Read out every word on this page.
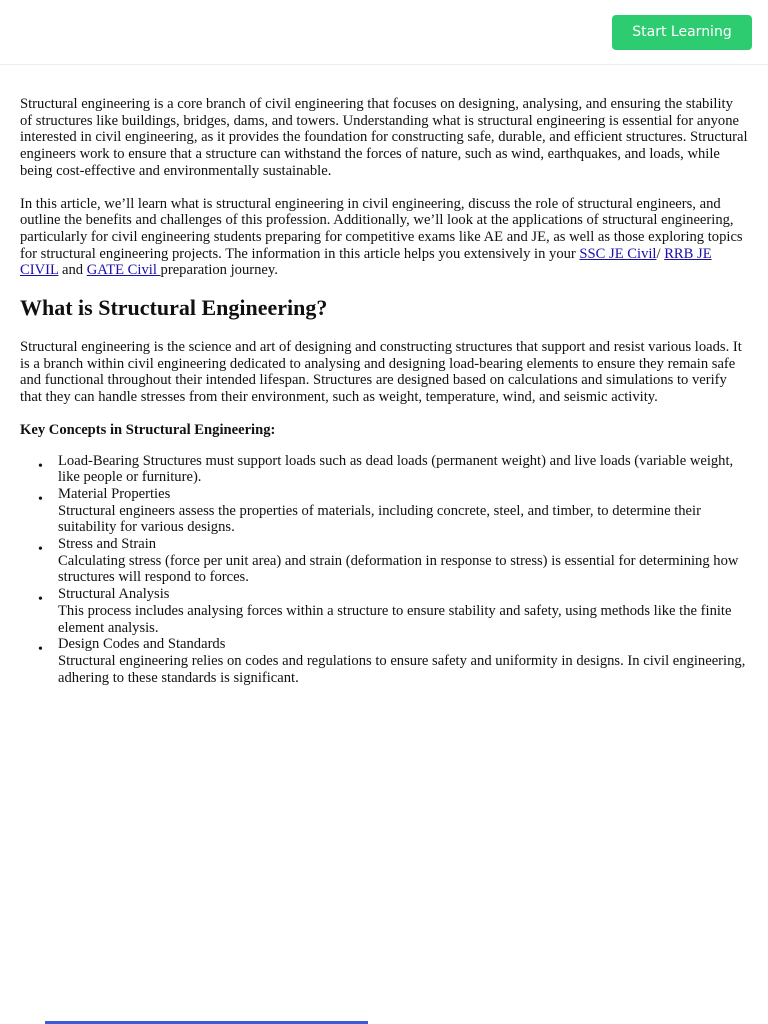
Start Learning

Structural engineering is a core branch of civil engineering that focuses on designing, analysing, and ensuring the stability of structures like buildings, bridges, dams, and towers. Understanding what is structural engineering is essential for anyone interested in civil engineering, as it provides the foundation for constructing safe, durable, and efficient structures. Structural engineers work to ensure that a structure can withstand the forces of nature, such as wind, earthquakes, and loads, while being cost-effective and environmentally sustainable.

In this article, we’ll learn what is structural engineering in civil engineering, discuss the role of structural engineers, and outline the benefits and challenges of this profession. Additionally, we’ll look at the applications of structural engineering, particularly for civil engineering students preparing for competitive exams like AE and JE, as well as those exploring topics for structural engineering projects. The information in this article helps you extensively in your SSC JE Civil/ RRB JE CIVIL and GATE Civil preparation journey.

What is Structural Engineering?

Structural engineering is the science and art of designing and constructing structures that support and resist various loads. It is a branch within civil engineering dedicated to analysing and designing load-bearing elements to ensure they remain safe and functional throughout their intended lifespan. Structures are designed based on calculations and simulations to verify that they can handle stresses from their environment, such as weight, temperature, wind, and seismic activity.

Key Concepts in Structural Engineering:
• Load-Bearing Structures must support loads such as dead loads (permanent weight) and live loads (variable weight, like people or furniture).
• Material Properties
Structural engineers assess the properties of materials, including concrete, steel, and timber, to determine their suitability for various designs.
• Stress and Strain
Calculating stress (force per unit area) and strain (deformation in response to stress) is essential for determining how structures will respond to forces.
• Structural Analysis
This process includes analysing forces within a structure to ensure stability and safety, using methods like the finite element analysis.
• Design Codes and Standards
Structural engineering relies on codes and regulations to ensure safety and uniformity in designs. In civil engineering, adhering to these standards is significant.
